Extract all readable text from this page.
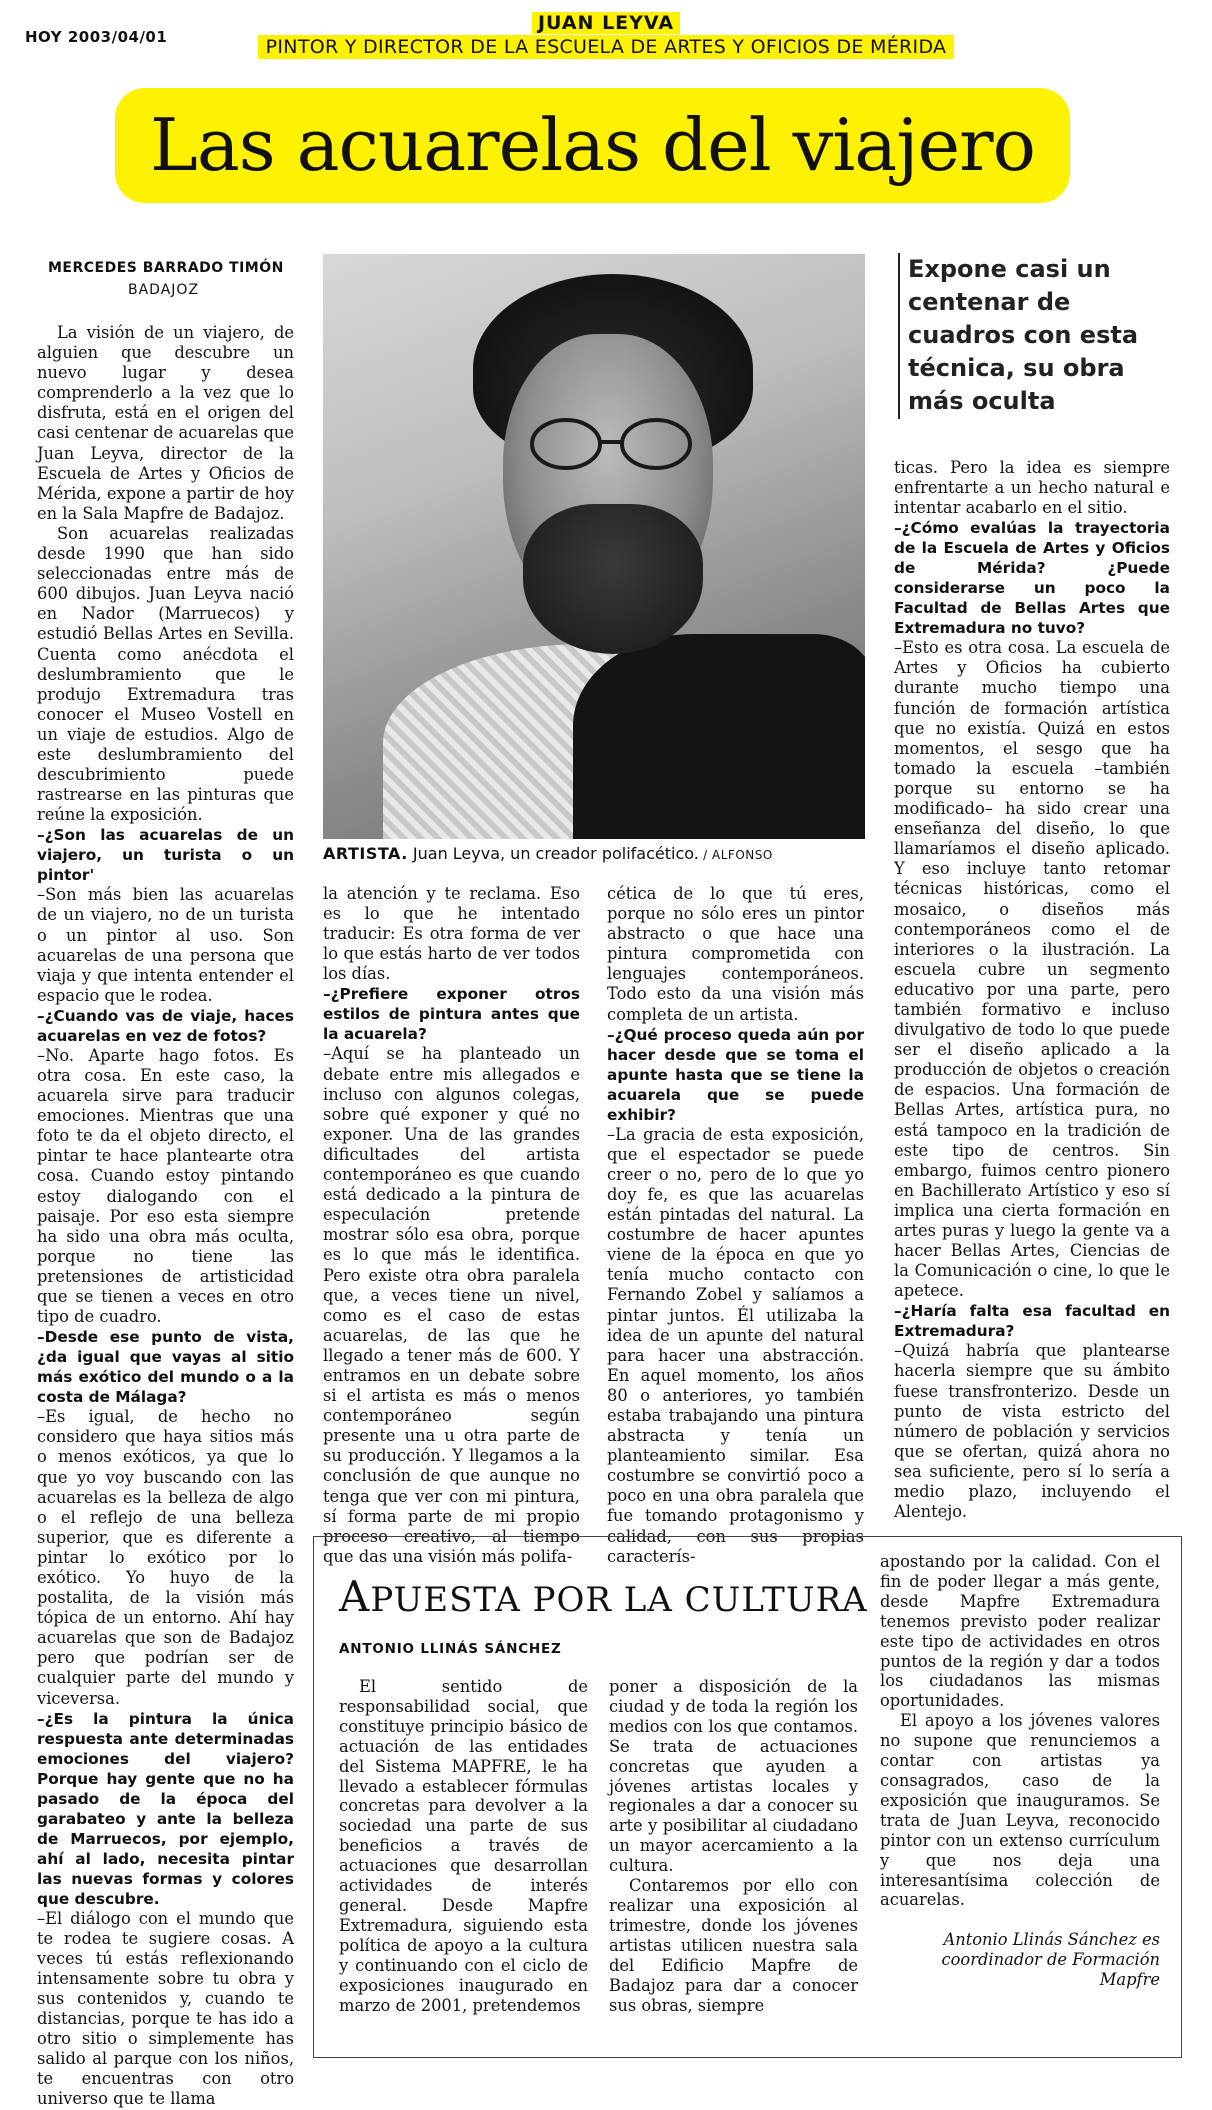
HOY 2003/04/01
JUAN LEYVA
PINTOR Y DIRECTOR DE LA ESCUELA DE ARTES Y OFICIOS DE MÉRIDA
Las acuarelas del viajero
MERCEDES BARRADO TIMÓN
BADAJOZ
ARTISTA. Juan Leyva, un creador polifacético. / ALFONSO
Expone casi un centenar de cuadros con esta técnica, su obra más oculta

La visión de un viajero, de alguien que descubre un nuevo lugar y desea comprenderlo a la vez que lo disfruta, está en el origen del casi centenar de acuarelas que Juan Leyva, director de la Escuela de Artes y Oficios de Mérida, expone a partir de hoy en la Sala Mapfre de Badajoz.

Son acuarelas realizadas desde 1990 que han sido seleccionadas entre más de 600 dibujos. Juan Leyva nació en Nador (Marruecos) y estudió Bellas Artes en Sevilla. Cuenta como anécdota el deslumbramiento que le produjo Extremadura tras conocer el Museo Vostell en un viaje de estudios. Algo de este deslumbramiento del descubrimiento puede rastrearse en las pinturas que reúne la exposición.

–¿Son las acuarelas de un viajero, un turista o un pintor'

–Son más bien las acuarelas de un viajero, no de un turista o un pintor al uso. Son acuarelas de una persona que viaja y que intenta entender el espacio que le rodea.

–¿Cuando vas de viaje, haces acuarelas en vez de fotos?

–No. Aparte hago fotos. Es otra cosa. En este caso, la acuarela sirve para traducir emociones. Mientras que una foto te da el objeto directo, el pintar te hace plantearte otra cosa. Cuando estoy pintando estoy dialogando con el paisaje. Por eso esta siempre ha sido una obra más oculta, porque no tiene las pretensiones de artisticidad que se tienen a veces en otro tipo de cuadro.

–Desde ese punto de vista, ¿da igual que vayas al sitio más exótico del mundo o a la costa de Málaga?

–Es igual, de hecho no considero que haya sitios más o menos exóticos, ya que lo que yo voy buscando con las acuarelas es la belleza de algo o el reflejo de una belleza superior, que es diferente a pintar lo exótico por lo exótico. Yo huyo de la postalita, de la visión más tópica de un entorno. Ahí hay acuarelas que son de Badajoz pero que podrían ser de cualquier parte del mundo y viceversa.

–¿Es la pintura la única respuesta ante determinadas emociones del viajero? Porque hay gente que no ha pasado de la época del garabateo y ante la belleza de Marruecos, por ejemplo, ahí al lado, necesita pintar las nuevas formas y colores que descubre.

–El diálogo con el mundo que te rodea te sugiere cosas. A veces tú estás reflexionando intensamente sobre tu obra y sus contenidos y, cuando te distancias, porque te has ido a otro sitio o simplemente has salido al parque con los niños, te encuentras con otro universo que te llama

la atención y te reclama. Eso es lo que he intentado traducir: Es otra forma de ver lo que estás harto de ver todos los días.

–¿Prefiere exponer otros estilos de pintura antes que la acuarela?

–Aquí se ha planteado un debate entre mis allegados e incluso con algunos colegas, sobre qué exponer y qué no exponer. Una de las grandes dificultades del artista contemporáneo es que cuando está dedicado a la pintura de especulación pretende mostrar sólo esa obra, porque es lo que más le identifica. Pero existe otra obra paralela que, a veces tiene un nivel, como es el caso de estas acuarelas, de las que he llegado a tener más de 600. Y entramos en un debate sobre si el artista es más o menos contemporáneo según presente una u otra parte de su producción. Y llegamos a la conclusión de que aunque no tenga que ver con mi pintura, sí forma parte de mi propio proceso creativo, al tiempo que das una visión más polifa-

cética de lo que tú eres, porque no sólo eres un pintor abstracto o que hace una pintura comprometida con lenguajes contemporáneos. Todo esto da una visión más completa de un artista.

–¿Qué proceso queda aún por hacer desde que se toma el apunte hasta que se tiene la acuarela que se puede exhibir?

–La gracia de esta exposición, que el espectador se puede creer o no, pero de lo que yo doy fe, es que las acuarelas están pintadas del natural. La costumbre de hacer apuntes viene de la época en que yo tenía mucho contacto con Fernando Zobel y salíamos a pintar juntos. Él utilizaba la idea de un apunte del natural para hacer una abstracción. En aquel momento, los años 80 o anteriores, yo también estaba trabajando una pintura abstracta y tenía un planteamiento similar. Esa costumbre se convirtió poco a poco en una obra paralela que fue tomando protagonismo y calidad, con sus propias caracterís-

ticas. Pero la idea es siempre enfrentarte a un hecho natural e intentar acabarlo en el sitio.

–¿Cómo evalúas la trayectoria de la Escuela de Artes y Oficios de Mérida? ¿Puede considerarse un poco la Facultad de Bellas Artes que Extremadura no tuvo?

–Esto es otra cosa. La escuela de Artes y Oficios ha cubierto durante mucho tiempo una función de formación artística que no existía. Quizá en estos momentos, el sesgo que ha tomado la escuela –también porque su entorno se ha modificado– ha sido crear una enseñanza del diseño, lo que llamaríamos el diseño aplicado. Y eso incluye tanto retomar técnicas históricas, como el mosaico, o diseños más contemporáneos como el de interiores o la ilustración. La escuela cubre un segmento educativo por una parte, pero también formativo e incluso divulgativo de todo lo que puede ser el diseño aplicado a la producción de objetos o creación de espacios. Una formación de Bellas Artes, artística pura, no está tampoco en la tradición de este tipo de centros. Sin embargo, fuimos centro pionero en Bachillerato Artístico y eso sí implica una cierta formación en artes puras y luego la gente va a hacer Bellas Artes, Ciencias de la Comunicación o cine, lo que le apetece.

–¿Haría falta esa facultad en Extremadura?

–Quizá habría que plantearse hacerla siempre que su ámbito fuese transfronterizo. Desde un punto de vista estricto del número de población y servicios que se ofertan, quizá ahora no sea suficiente, pero sí lo sería a medio plazo, incluyendo el Alentejo.

APUESTA POR LA CULTURA
ANTONIO LLINÁS SÁNCHEZ

El sentido de responsabilidad social, que constituye principio básico de actuación de las entidades del Sistema MAPFRE, le ha llevado a establecer fórmulas concretas para devolver a la sociedad una parte de sus beneficios a través de actuaciones que desarrollan actividades de interés general. Desde Mapfre Extremadura, siguiendo esta política de apoyo a la cultura y continuando con el ciclo de exposiciones inaugurado en marzo de 2001, pretendemos

poner a disposición de la ciudad y de toda la región los medios con los que contamos. Se trata de actuaciones concretas que ayuden a jóvenes artistas locales y regionales a dar a conocer su arte y posibilitar al ciudadano un mayor acercamiento a la cultura.

Contaremos por ello con realizar una exposición al trimestre, donde los jóvenes artistas utilicen nuestra sala del Edificio Mapfre de Badajoz para dar a conocer sus obras, siempre

apostando por la calidad. Con el fin de poder llegar a más gente, desde Mapfre Extremadura tenemos previsto poder realizar este tipo de actividades en otros puntos de la región y dar a todos los ciudadanos las mismas oportunidades.

El apoyo a los jóvenes valores no supone que renunciemos a contar con artistas ya consagrados, caso de la exposición que inauguramos. Se trata de Juan Leyva, reconocido pintor con un extenso currículum y que nos deja una interesantísima colección de acuarelas.

Antonio Llinás Sánchez es coordinador de Formación Mapfre
